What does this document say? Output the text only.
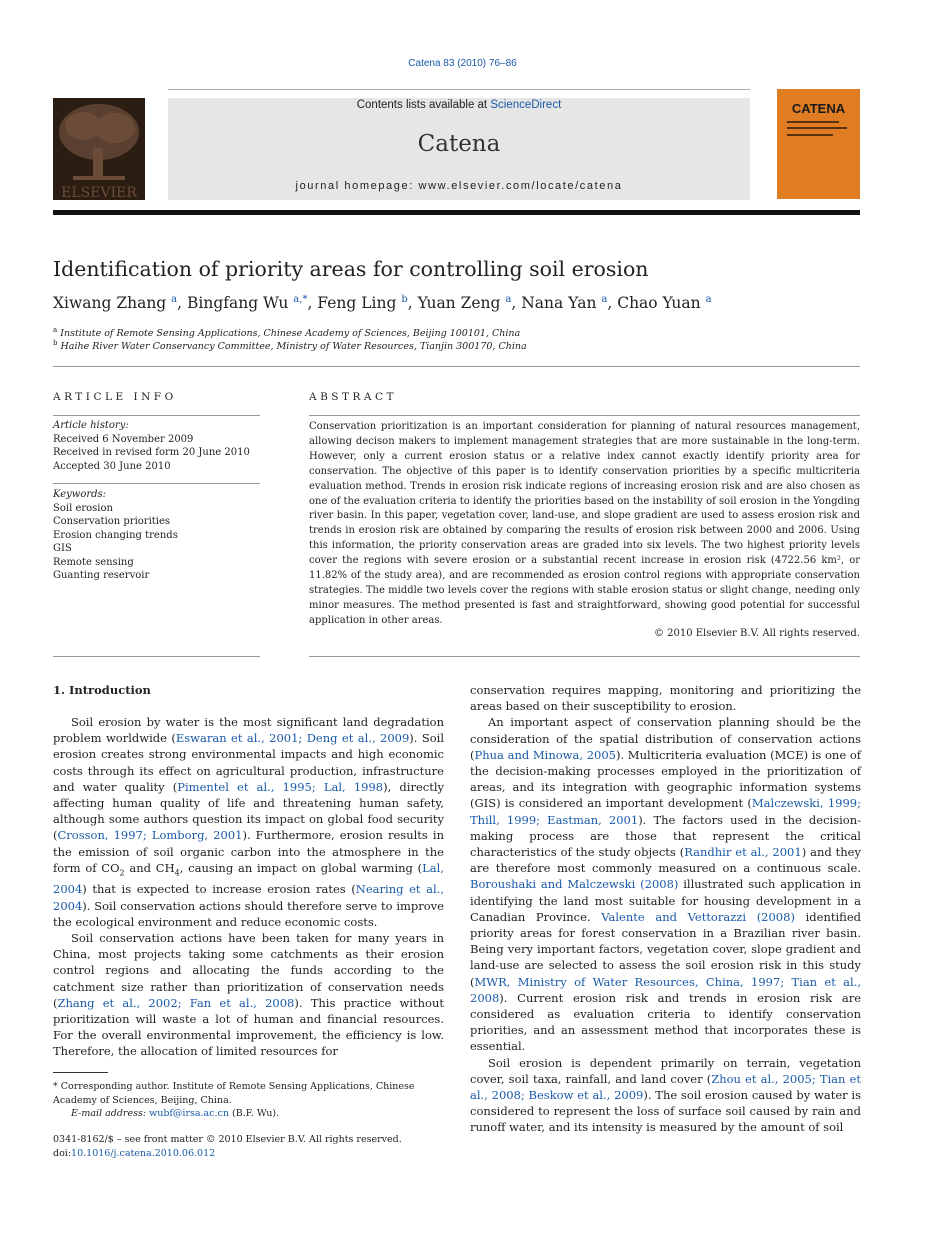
Catena 83 (2010) 76–86
ELSEVIER
Contents lists available at ScienceDirect
Catena
journal homepage: www.elsevier.com/locate/catena
CATENA
Identification of priority areas for controlling soil erosion
Xiwang Zhang $^a$, Bingfang Wu $^{a,*}$, Feng Ling $^b$, Yuan Zeng $^a$, Nana Yan $^a$, Chao Yuan $^a$
$^a$ Institute of Remote Sensing Applications, Chinese Academy of Sciences, Beijing 100101, China
$^b$ Haihe River Water Conservancy Committee, Ministry of Water Resources, Tianjin 300170, China
ARTICLE INFO	ABSTRACT
Article history:
Received 6 November 2009
Received in revised form 20 June 2010
Accepted 30 June 2010
Keywords:
Soil erosion
Conservation priorities
Erosion changing trends
GIS
Remote sensing
Guanting reservoir
Conservation prioritization is an important consideration for planning of natural resources management, allowing decison makers to implement management strategies that are more sustainable in the long-term. However, only a current erosion status or a relative index cannot exactly identify priority area for conservation. The objective of this paper is to identify conservation priorities by a specific multicriteria evaluation method. Trends in erosion risk indicate regions of increasing erosion risk and are also chosen as one of the evaluation criteria to identify the priorities based on the instability of soil erosion in the Yongding river basin. In this paper, vegetation cover, land-use, and slope gradient are used to assess erosion risk and trends in erosion risk are obtained by comparing the results of erosion risk between 2000 and 2006. Using this information, the priority conservation areas are graded into six levels. The two highest priority levels cover the regions with severe erosion or a substantial recent increase in erosion risk (4722.56 km², or 11.82% of the study area), and are recommended as erosion control regions with appropriate conservation strategies. The middle two levels cover the regions with stable erosion status or slight change, needing only minor measures. The method presented is fast and straightforward, showing good potential for successful application in other areas.
© 2010 Elsevier B.V. All rights reserved.
1. Introduction

Soil erosion by water is the most significant land degradation problem worldwide (Eswaran et al., 2001; Deng et al., 2009). Soil erosion creates strong environmental impacts and high economic costs through its effect on agricultural production, infrastructure and water quality (Pimentel et al., 1995; Lal, 1998), directly affecting human quality of life and threatening human safety, although some authors question its impact on global food security (Crosson, 1997; Lomborg, 2001). Furthermore, erosion results in the emission of soil organic carbon into the atmosphere in the form of $CO_2$ and $CH_4$, causing an impact on global warming (Lal, 2004) that is expected to increase erosion rates (Nearing et al., 2004). Soil conservation actions should therefore serve to improve the ecological environment and reduce economic costs.

Soil conservation actions have been taken for many years in China, most projects taking some catchments as their erosion control regions and allocating the funds according to the catchment size rather than prioritization of conservation needs (Zhang et al., 2002; Fan et al., 2008). This practice without prioritization will waste a lot of human and financial resources. For the overall environmental improvement, the efficiency is low. Therefore, the allocation of limited resources for

conservation requires mapping, monitoring and prioritizing the areas based on their susceptibility to erosion.

An important aspect of conservation planning should be the consideration of the spatial distribution of conservation actions (Phua and Minowa, 2005). Multicriteria evaluation (MCE) is one of the decision-making processes employed in the prioritization of areas, and its integration with geographic information systems (GIS) is considered an important development (Malczewski, 1999; Thill, 1999; Eastman, 2001). The factors used in the decision-making process are those that represent the critical characteristics of the study objects (Randhir et al., 2001) and they are therefore most commonly measured on a continuous scale. Boroushaki and Malczewski (2008) illustrated such application in identifying the land most suitable for housing development in a Canadian Province. Valente and Vettorazzi (2008) identified priority areas for forest conservation in a Brazilian river basin. Being very important factors, vegetation cover, slope gradient and land-use are selected to assess the soil erosion risk in this study (MWR, Ministry of Water Resources, China, 1997; Tian et al., 2008). Current erosion risk and trends in erosion risk are considered as evaluation criteria to identify conservation priorities, and an assessment method that incorporates these is essential.

Soil erosion is dependent primarily on terrain, vegetation cover, soil taxa, rainfall, and land cover (Zhou et al., 2005; Tian et al., 2008; Beskow et al., 2009). The soil erosion caused by water is considered to represent the loss of surface soil caused by rain and runoff water, and its intensity is measured by the amount of soil

* Corresponding author. Institute of Remote Sensing Applications, Chinese Academy of Sciences, Beijing, China.
E-mail address: wubf@irsa.ac.cn (B.F. Wu).
0341-8162/$ – see front matter © 2010 Elsevier B.V. All rights reserved.
doi:10.1016/j.catena.2010.06.012
